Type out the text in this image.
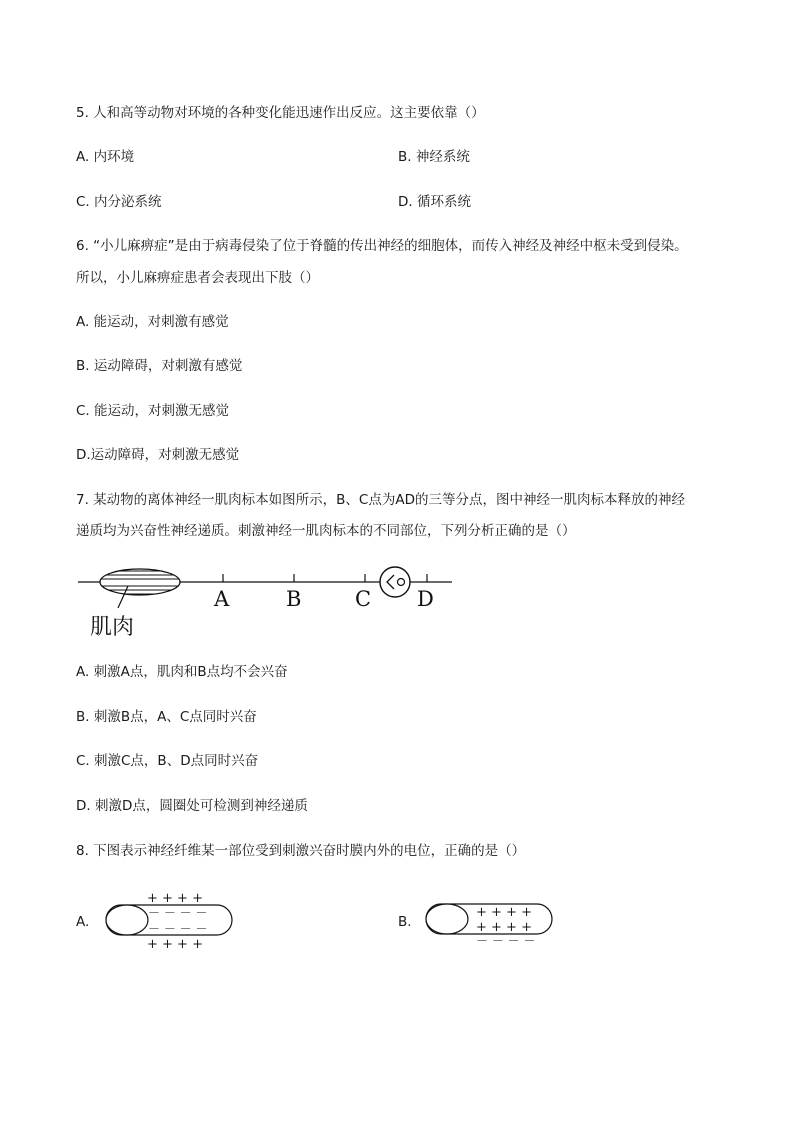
5. 人和高等动物对环境的各种变化能迅速作出反应。这主要依靠（）
A. 内环境	B. 神经系统
C. 内分泌系统	D. 循环系统
6. “小儿麻痹症”是由于病毒侵染了位于脊髓的传出神经的细胞体，而传入神经及神经中枢未受到侵染。
所以，小儿麻痹症患者会表现出下肢（）
A. 能运动，对刺激有感觉
B. 运动障碍，对刺激有感觉
C. 能运动，对刺激无感觉
D.运动障碍，对刺激无感觉
7. 某动物的离体神经一肌肉标本如图所示，B、C点为AD的三等分点，图中神经一肌肉标本释放的神经
递质均为兴奋性神经递质。刺激神经一肌肉标本的不同部位，下列分析正确的是（）
A	B	C D
肌肉
A. 刺激A点，肌肉和B点均不会兴奋
B. 刺激B点，A、C点同时兴奋
C. 刺激C点，B、D点同时兴奋
D. 刺激D点，圆圈处可检测到神经递质
8. 下图表示神经纤维某一部位受到刺激兴奋时膜内外的电位，正确的是（）
A.
+ + + +
－ － － －
－ － － －
+ + + +
B.
+ + + +
+ + + +
－ － － －
